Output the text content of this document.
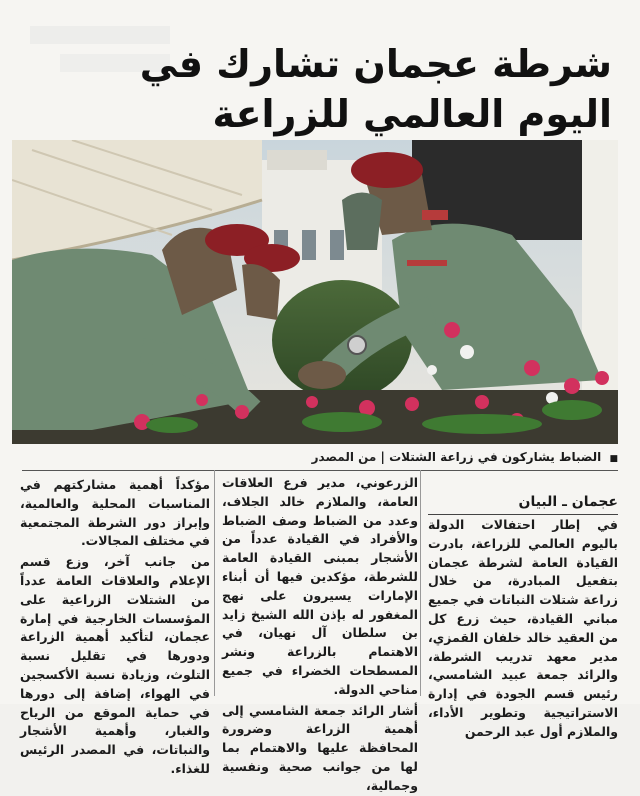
شرطة عجمان تشارك في اليوم العالمي للزراعة
■ الضباط يشاركون في زراعة الشتلات | من المصدر
عجمان ـ البيان

في إطار احتفالات الدولة باليوم العالمي للزراعة، بادرت القيادة العامة لشرطة عجمان بتفعيل المبادرة، من خلال زراعة شتلات النباتات في جميع مباني القيادة، حيث زرع كل من العقيد خالد خلفان القمزي، مدير معهد تدريب الشرطة، والرائد جمعة عبيد الشامسي، رئيس قسم الجودة في إدارة الاستراتيجية وتطوير الأداء، والملازم أول عبد الرحمن

الزرعوني، مدير فرع العلاقات العامة، والملازم خالد الجلاف، وعدد من الضباط وصف الضباط والأفراد في القيادة عدداً من الأشجار بمبنى القيادة العامة للشرطة، مؤكدين فيها أن أبناء الإمارات يسيرون على نهج المغفور له بإذن الله الشيخ زايد بن سلطان آل نهيان، في الاهتمام بالزراعة ونشر المسطحات الخضراء في جميع مناحي الدولة.

أشار الرائد جمعة الشامسي إلى أهمية الزراعة وضرورة المحافظة عليها والاهتمام بما لها من جوانب صحية ونفسية وجمالية،

مؤكداً أهمية مشاركتهم في المناسبات المحلية والعالمية، وإبراز دور الشرطة المجتمعية في مختلف المجالات.

من جانب آخر، وزع قسم الإعلام والعلاقات العامة عدداً من الشتلات الزراعية على المؤسسات الخارجية في إمارة عجمان، لتأكيد أهمية الزراعة ودورها في تقليل نسبة التلوث، وزيادة نسبة الأكسجين في الهواء، إضافة إلى دورها في حماية الموقع من الرياح والغبار، وأهمية الأشجار والنباتات، في المصدر الرئيس للغذاء.
